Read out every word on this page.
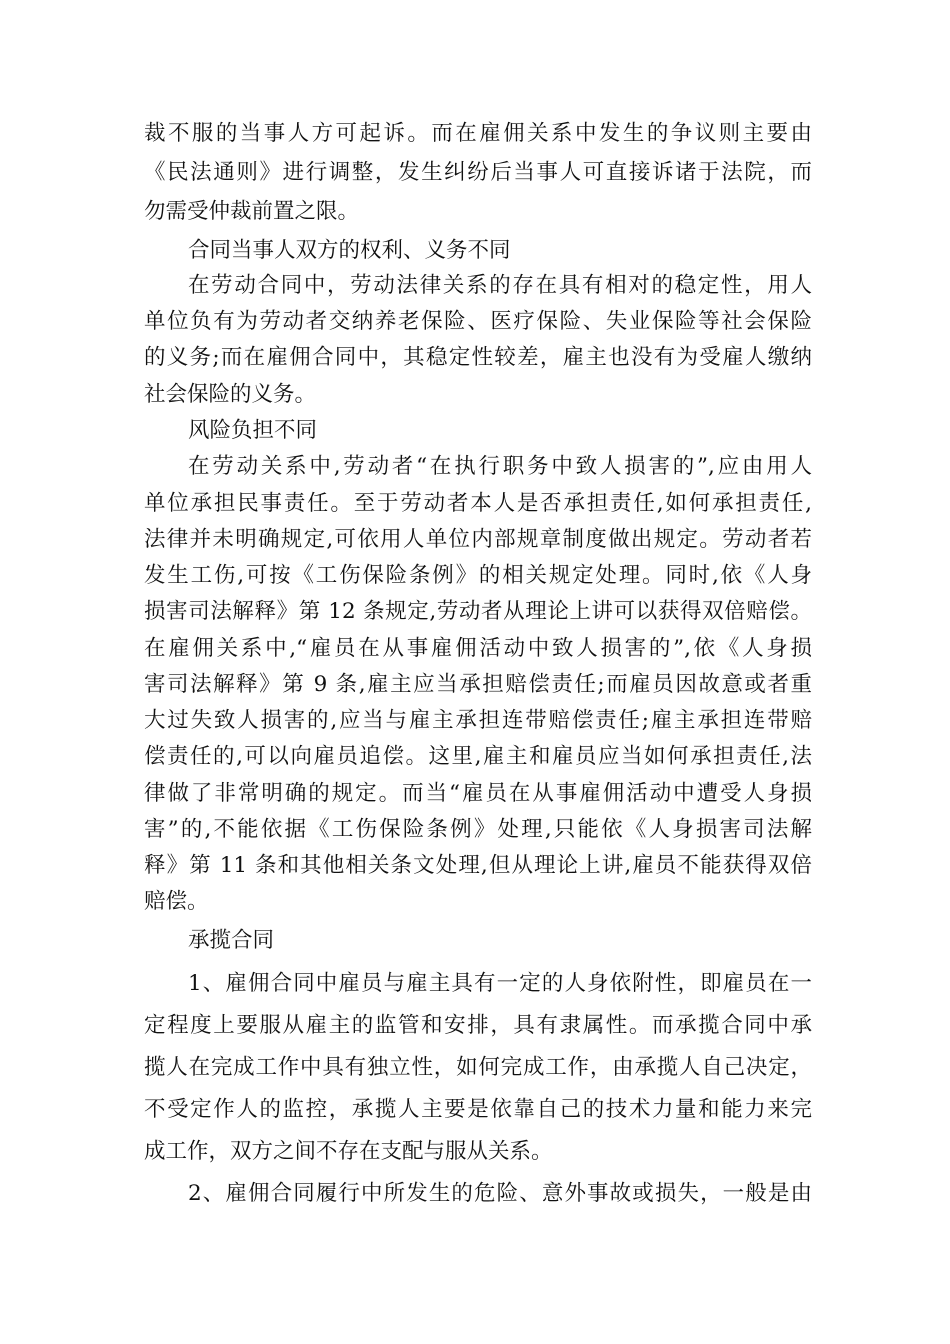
裁不服的当事人方可起诉。而在雇佣关系中发生的争议则主要由
《民法通则》进行调整，发生纠纷后当事人可直接诉诸于法院，而
勿需受仲裁前置之限。
合同当事人双方的权利、义务不同
在劳动合同中，劳动法律关系的存在具有相对的稳定性，用人
单位负有为劳动者交纳养老保险、医疗保险、失业保险等社会保险
的义务;而在雇佣合同中，其稳定性较差，雇主也没有为受雇人缴纳
社会保险的义务。
风险负担不同
在劳动关系中,劳动者“在执行职务中致人损害的”,应由用人
单位承担民事责任。至于劳动者本人是否承担责任,如何承担责任,
法律并未明确规定,可依用人单位内部规章制度做出规定。劳动者若
发生工伤,可按《工伤保险条例》的相关规定处理。同时,依《人身
损害司法解释》第 12 条规定,劳动者从理论上讲可以获得双倍赔偿。
在雇佣关系中,“雇员在从事雇佣活动中致人损害的”,依《人身损
害司法解释》第 9 条,雇主应当承担赔偿责任;而雇员因故意或者重
大过失致人损害的,应当与雇主承担连带赔偿责任;雇主承担连带赔
偿责任的,可以向雇员追偿。这里,雇主和雇员应当如何承担责任,法
律做了非常明确的规定。而当“雇员在从事雇佣活动中遭受人身损
害”的,不能依据《工伤保险条例》处理,只能依《人身损害司法解
释》第 11 条和其他相关条文处理,但从理论上讲,雇员不能获得双倍
赔偿。
承揽合同
1、雇佣合同中雇员与雇主具有一定的人身依附性，即雇员在一
定程度上要服从雇主的监管和安排，具有隶属性。而承揽合同中承
揽人在完成工作中具有独立性，如何完成工作，由承揽人自己决定，
不受定作人的监控，承揽人主要是依靠自己的技术力量和能力来完
成工作，双方之间不存在支配与服从关系。
2、雇佣合同履行中所发生的危险、意外事故或损失，一般是由
